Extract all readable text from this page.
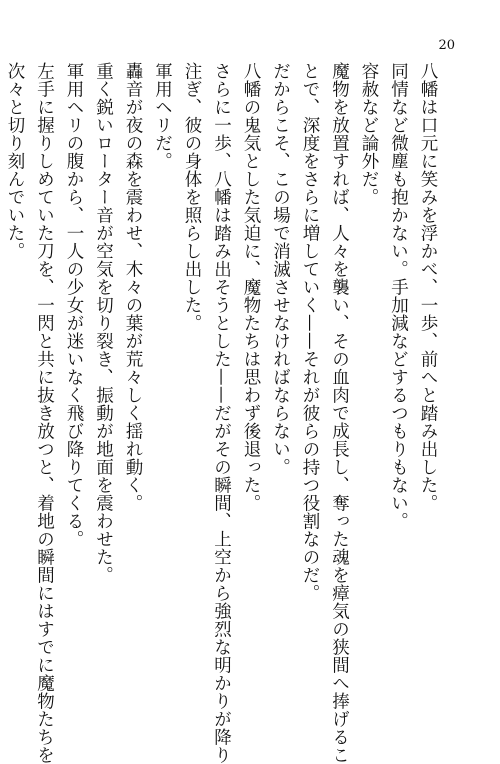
20
八幡は口元に笑みを浮かべ、一歩、前へと踏み出した。
同情など微塵も抱かない。手加減などするつもりもない。
容赦など論外だ。
魔物を放置すれば、人々を襲い、その血肉で成長し、奪った魂を瘴気の狭間へ捧げるこ
とで、深度をさらに増していく——それが彼らの持つ役割なのだ。
だからこそ、この場で消滅させなければならない。
八幡の鬼気とした気迫に、魔物たちは思わず後退った。
さらに一歩、八幡は踏み出そうとした——だがその瞬間、上空から強烈な明かりが降り
注ぎ、彼の身体を照らし出した。
軍用ヘリだ。
轟音が夜の森を震わせ、木々の葉が荒々しく揺れ動く。
重く鋭いローター音が空気を切り裂き、振動が地面を震わせた。
軍用ヘリの腹から、一人の少女が迷いなく飛び降りてくる。
左手に握りしめていた刀を、一閃と共に抜き放つと、着地の瞬間にはすでに魔物たちを
次々と切り刻んでいた。
